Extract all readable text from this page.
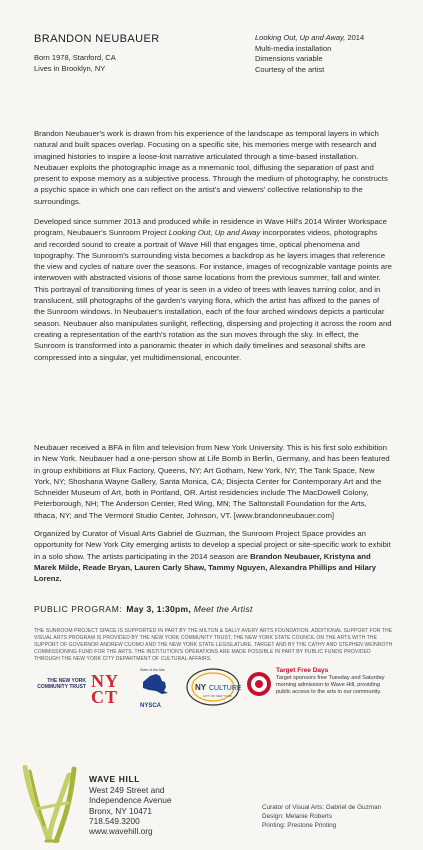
BRANDON NEUBAUER
Born 1978, Stanford, CA
Lives in Brooklyn, NY
Looking Out, Up and Away, 2014
Multi-media installation
Dimensions variable
Courtesy of the artist

Brandon Neubauer's work is drawn from his experience of the landscape as temporal layers in which natural and built spaces overlap. Focusing on a specific site, his memories merge with research and imagined histories to inspire a loose-knit narrative articulated through a time-based installation. Neubauer exploits the photographic image as a mnemonic tool, diffusing the separation of past and present to expose memory as a subjective process. Through the medium of photography, he constructs a psychic space in which one can reflect on the artist's and viewers' collective relationship to the surroundings.

Developed since summer 2013 and produced while in residence in Wave Hill's 2014 Winter Workspace program, Neubauer's Sunroom Project Looking Out, Up and Away incorporates videos, photographs and recorded sound to create a portrait of Wave Hill that engages time, optical phenomena and topography. The Sunroom's surrounding vista becomes a backdrop as he layers images that reference the view and cycles of nature over the seasons. For instance, images of recognizable vantage points are interwoven with abstracted visions of those same locations from the previous summer, fall and winter. This portrayal of transitioning times of year is seen in a video of trees with leaves turning color, and in translucent, still photographs of the garden's varying flora, which the artist has affixed to the panes of the Sunroom windows. In Neubauer's installation, each of the four arched windows depicts a particular season. Neubauer also manipulates sunlight, reflecting, dispersing and projecting it across the room and creating a representation of the earth's rotation as the sun moves through the sky. In effect, the Sunroom is transformed into a panoramic theater in which daily timelines and seasonal shifts are compressed into a singular, yet multidimensional, encounter.

Neubauer received a BFA in film and television from New York University. This is his first solo exhibition in New York. Neubauer had a one-person show at Life Bomb in Berlin, Germany, and has been featured in group exhibitions at Flux Factory, Queens, NY; Art Gotham, New York, NY; The Tank Space, New York, NY; Shoshana Wayne Gallery, Santa Monica, CA; Disjecta Center for Contemporary Art and the Schneider Museum of Art, both in Portland, OR. Artist residencies include The MacDowell Colony, Peterborough, NH; The Anderson Center, Red Wing, MN; The Saltonstall Foundation for the Arts, Ithaca, NY; and The Vermont Studio Center, Johnson, VT. [www.brandonneubauer.com]

Organized by Curator of Visual Arts Gabriel de Guzman, the Sunroom Project Space provides an opportunity for New York City emerging artists to develop a special project or site-specific work to exhibit in a solo show. The artists participating in the 2014 season are Brandon Neubauer, Kristyna and Marek Milde, Reade Bryan, Lauren Carly Shaw, Tammy Nguyen, Alexandra Phillips and Hilary Lorenz.

PUBLIC PROGRAM: May 3, 1:30pm, Meet the Artist
THE SUNROOM PROJECT SPACE IS SUPPORTED IN PART BY THE MILTON & SALLY AVERY ARTS FOUNDATION. ADDITIONAL SUPPORT FOR THE VISUAL ARTS PROGRAM IS PROVIDED BY THE NEW YORK COMMUNITY TRUST, THE NEW YORK STATE COUNCIL ON THE ARTS WITH THE SUPPORT OF GOVERNOR ANDREW CUOMO AND THE NEW YORK STATE LEGISLATURE, TARGET AND BY THE CATHY AND STEPHEN WEINROTH COMMISSIONING FUND FOR THE ARTS. THE INSTITUTION'S OPERATIONS ARE MADE POSSIBLE IN PART BY PUBLIC FUNDS PROVIDED THROUGH THE NEW YORK CITY DEPARTMENT OF CULTURAL AFFAIRS.
THE NEW YORK COMMUNITY TRUST N Y
C T
State of the Arts
NYSCA
NY CULTURE
CITY OF NEW YORK
Target Free Days
Target sponsors free Tuesday and Saturday morning admission to Wave Hill, providing public access to the arts in our community.
WAVE HILL
West 249 Street and
Independence Avenue
Bronx, NY 10471
718.549.3200
www.wavehill.org
Curator of Visual Arts: Gabriel de Guzman
Design: Melanie Roberts
Printing: Prestone Printing
